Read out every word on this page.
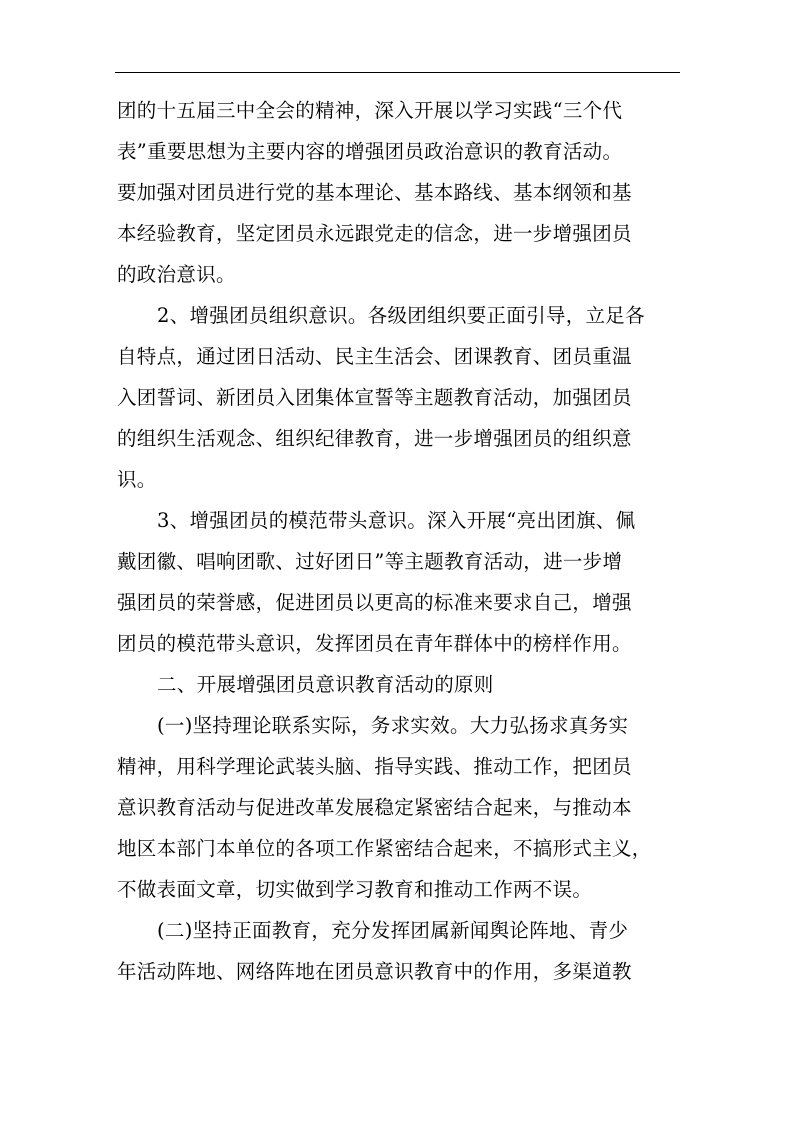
团的十五届三中全会的精神，深入开展以学习实践“三个代
表”重要思想为主要内容的增强团员政治意识的教育活动。
要加强对团员进行党的基本理论、基本路线、基本纲领和基
本经验教育，坚定团员永远跟党走的信念，进一步增强团员
的政治意识。
2、增强团员组织意识。各级团组织要正面引导，立足各
自特点，通过团日活动、民主生活会、团课教育、团员重温
入团誓词、新团员入团集体宣誓等主题教育活动，加强团员
的组织生活观念、组织纪律教育，进一步增强团员的组织意
识。
3、增强团员的模范带头意识。深入开展“亮出团旗、佩
戴团徽、唱响团歌、过好团日”等主题教育活动，进一步增
强团员的荣誉感，促进团员以更高的标准来要求自己，增强
团员的模范带头意识，发挥团员在青年群体中的榜样作用。
二、开展增强团员意识教育活动的原则
(一)坚持理论联系实际，务求实效。大力弘扬求真务实
精神，用科学理论武装头脑、指导实践、推动工作，把团员
意识教育活动与促进改革发展稳定紧密结合起来，与推动本
地区本部门本单位的各项工作紧密结合起来，不搞形式主义，
不做表面文章，切实做到学习教育和推动工作两不误。
(二)坚持正面教育，充分发挥团属新闻舆论阵地、青少
年活动阵地、网络阵地在团员意识教育中的作用，多渠道教
